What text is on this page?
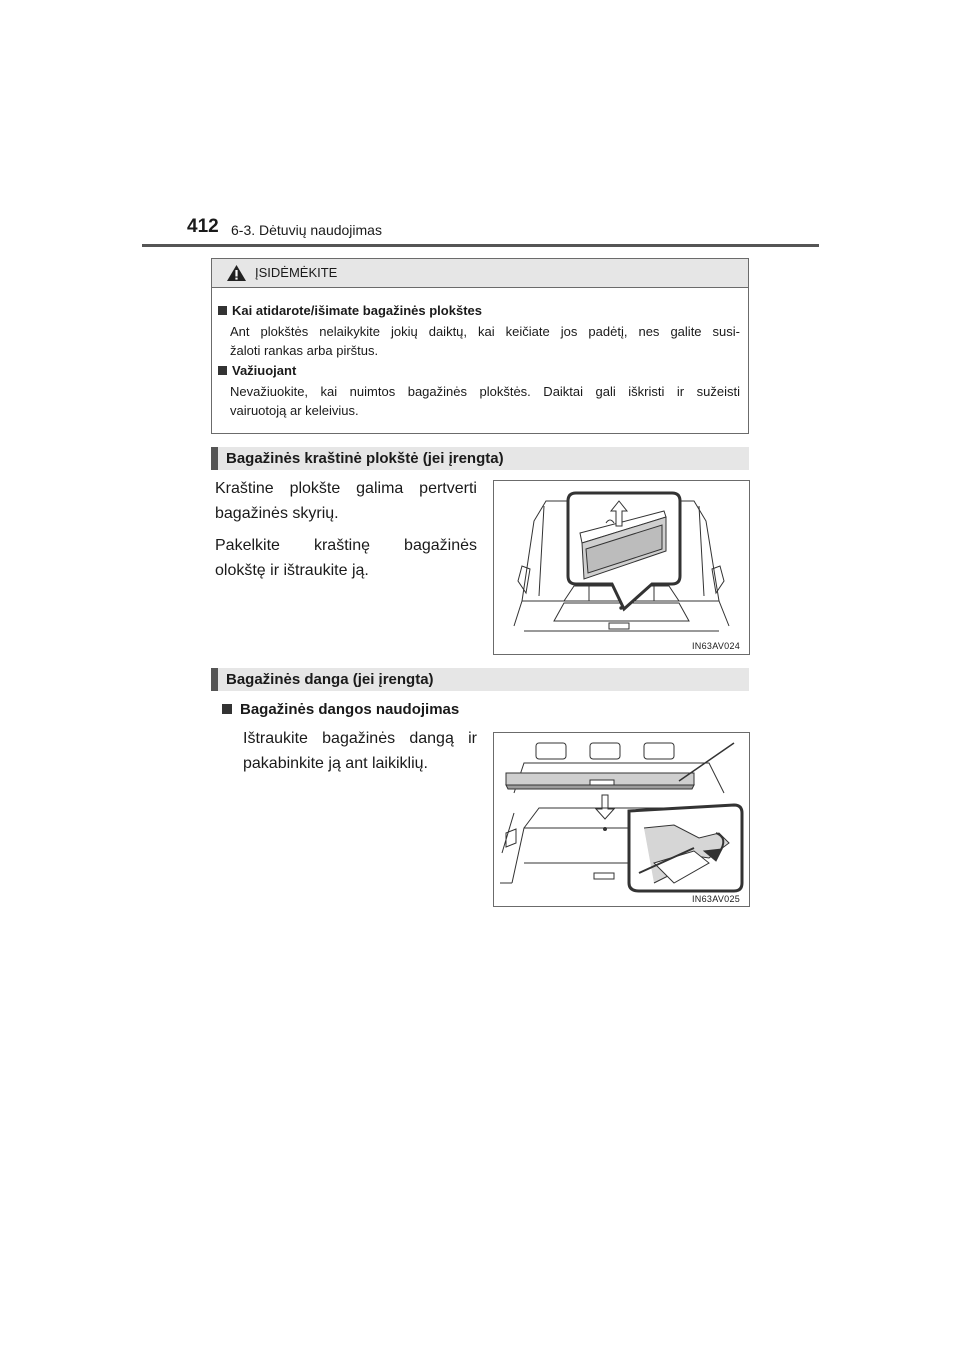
412 6-3. Dėtuvių naudojimas
ĮSIDĖMĖKITE
Kai atidarote/išimate bagažinės plokštes
Ant plokštės nelaikykite jokių daiktų, kai keičiate jos padėtį, nes galite susi-
žaloti rankas arba pirštus.
Važiuojant
Nevažiuokite, kai nuimtos bagažinės plokštės. Daiktai gali iškristi ir sužeisti
vairuotoją ar keleivius.
Bagažinės kraštinė plokštė (jei įrengta)
Kraštine plokšte galima pertverti
bagažinės skyrių.
Pakelkite kraštinę bagažinės
olokštę ir ištraukite ją.
IN63AV024
Bagažinės danga (jei įrengta)
Bagažinės dangos naudojimas
Ištraukite bagažinės dangą ir
pakabinkite ją ant laikiklių.
IN63AV025
